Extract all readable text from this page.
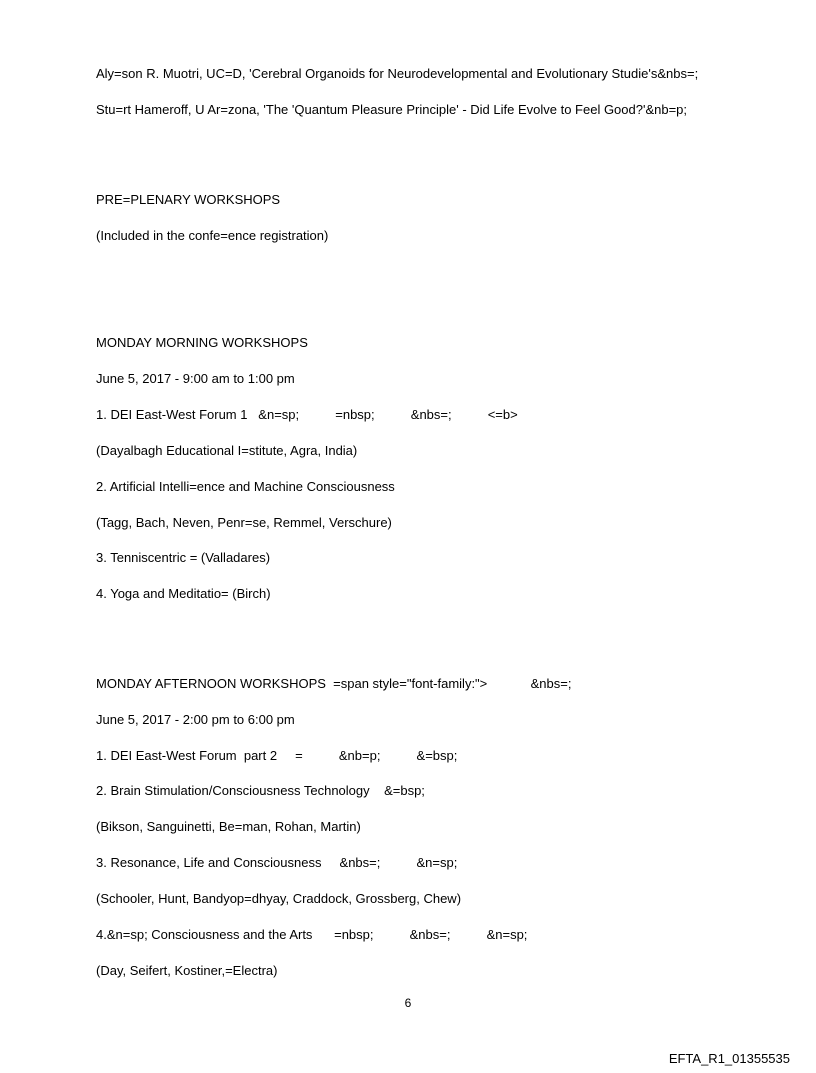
Aly=son R. Muotri, UC=D, 'Cerebral Organoids for Neurodevelopmental and Evolutionary Studie's&nbs=;

Stu=rt Hameroff, U Ar=zona, 'The 'Quantum Pleasure Principle' - Did Life Evolve to Feel Good?'&nb=p;

PRE=PLENARY WORKSHOPS

(Included in the confe=ence registration)

MONDAY MORNING WORKSHOPS

June 5, 2017 - 9:00 am to 1:00 pm

1. DEI East-West Forum 1   &n=sp;          =nbsp;          &nbs=;          <=b>

(Dayalbagh Educational I=stitute, Agra, India)

2. Artificial Intelli=ence and Machine Consciousness

(Tagg, Bach, Neven, Penr=se, Remmel, Verschure)

3. Tenniscentric = (Valladares)

4. Yoga and Meditatio= (Birch)

MONDAY AFTERNOON WORKSHOPS  =span style="font-family:">            &nbs=;

June 5, 2017 - 2:00 pm to 6:00 pm

1. DEI East-West Forum  part 2     =          &nb=p;          &=bsp;

2. Brain Stimulation/Consciousness Technology    &=bsp;

(Bikson, Sanguinetti, Be=man, Rohan, Martin)

3. Resonance, Life and Consciousness     &nbs=;          &n=sp;

(Schooler, Hunt, Bandyop=dhyay, Craddock, Grossberg, Chew)

4.&n=sp; Consciousness and the Arts      =nbsp;          &nbs=;          &n=sp;

(Day, Seifert, Kostiner,=Electra)

6

EFTA_R1_01355535
